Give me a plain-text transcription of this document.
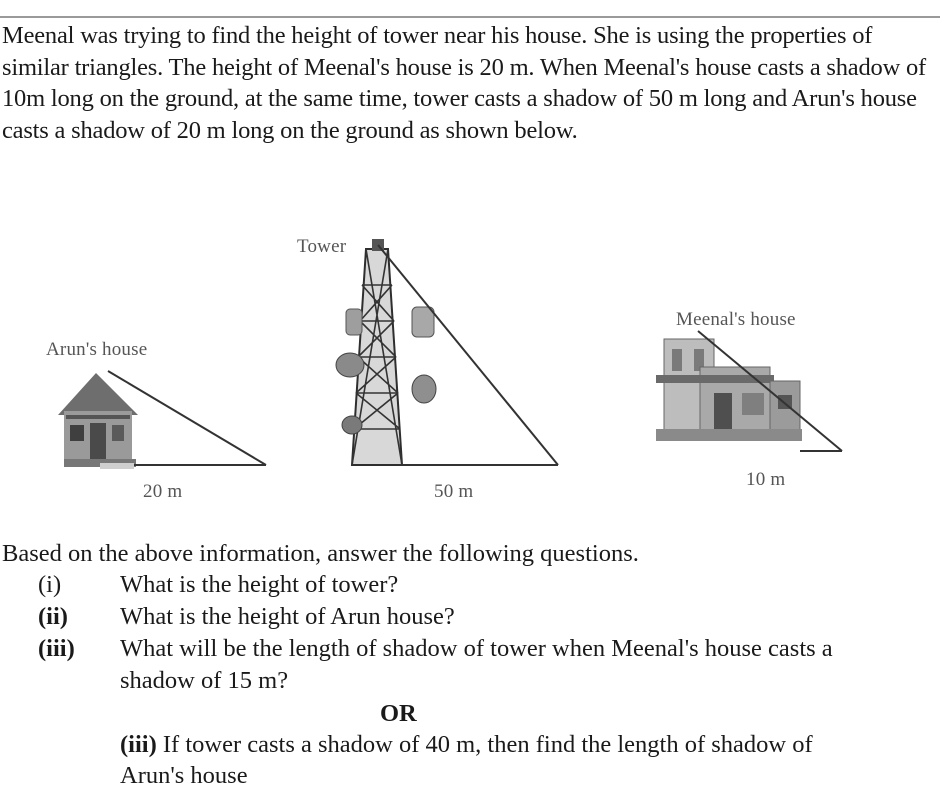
Meenal was trying to find the height of tower near his house. She is using the properties of similar triangles. The height of Meenal's house is 20 m. When Meenal's house casts a shadow of 10m long on the ground, at the same time, tower casts a shadow of 50 m long and Arun's house casts a shadow of 20 m long on the ground as shown below.

Arun's house
20 m
Tower
50 m
Meenal's house
10 m
Based on the above information, answer the following questions.
(i) What is the height of tower?
(ii) What is the height of Arun house?
(iii) What will be the length of shadow of tower when Meenal's house casts a
shadow of 15 m?
OR
(iii) If tower casts a shadow of 40 m, then find the length of shadow of
Arun's house
